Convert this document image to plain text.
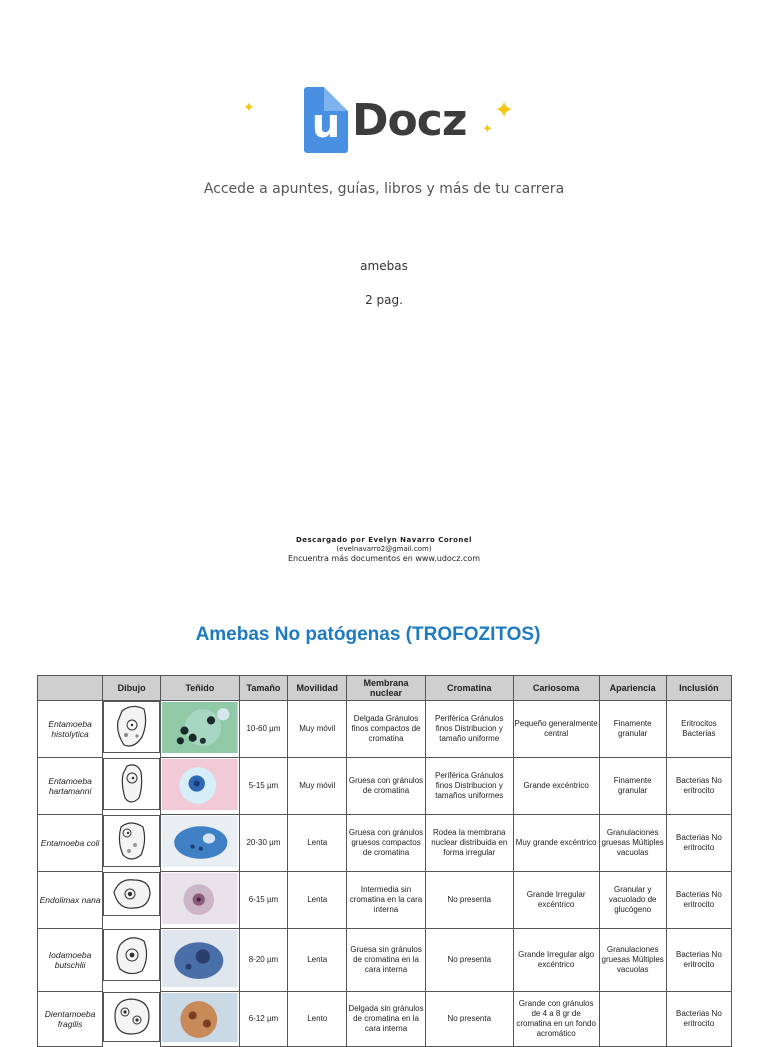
u Docz
✦	✦
✦
Accede a apuntes, guías, libros y más de tu carrera
amebas
2 pag.
Descargado por Evelyn Navarro Coronel
(evelnavarro2@gmail.com)
Encuentra más documentos en www.udocz.com
Amebas No patógenas (TROFOZITOS)
	Dibujo	Teñido	Tamaño	Movilidad	Membrana nuclear	Cromatina	Cariosoma	Apariencia	Inclusión
Entamoeba histolytica		10-60 µm	Muy móvil	Delgada Gránulos finos compactos de cromatina	Periférica Gránulos finos Distribucion y tamaño uniforme	Pequeño generalmente central	Finamente granular	Eritrocitos Bacterias
Entamoeba hartamanni		5-15 µm	Muy móvil	Gruesa con gránulos de cromatina	Periférica Gránulos finos Distribucion y tamaños uniformes	Grande excéntrico	Finamente granular	Bacterias No eritrocito
Entamoeba coli		20-30 µm	Lenta	Gruesa con gránulos gruesos compactos de cromatina	Rodea la membrana nuclear distribuida en forma irregular	Muy grande excéntrico	Granulaciones gruesas Múltiples vacuolas	Bacterias No eritrocito
Endolimax nana		6-15 µm	Lenta	Intermedia sin cromatina en la cara interna	No presenta	Grande Irregular excéntrico	Granular y vacuolado de glucógeno	Bacterias No eritrocito
Iodamoeba butschlii		8-20 µm	Lenta	Gruesa sin gránulos de cromatina en la cara interna	No presenta	Grande Irregular algo excéntrico	Granulaciones gruesas Múltiples vacuolas	Bacterias No eritrocito
Dientamoeba fragilis		6-12 µm	Lento	Delgada sin gránulos de cromatina en la cara interna	No presenta	Grande con gránulos de 4 a 8 gr de cromatina en un fondo acromático		Bacterias No eritrocito
